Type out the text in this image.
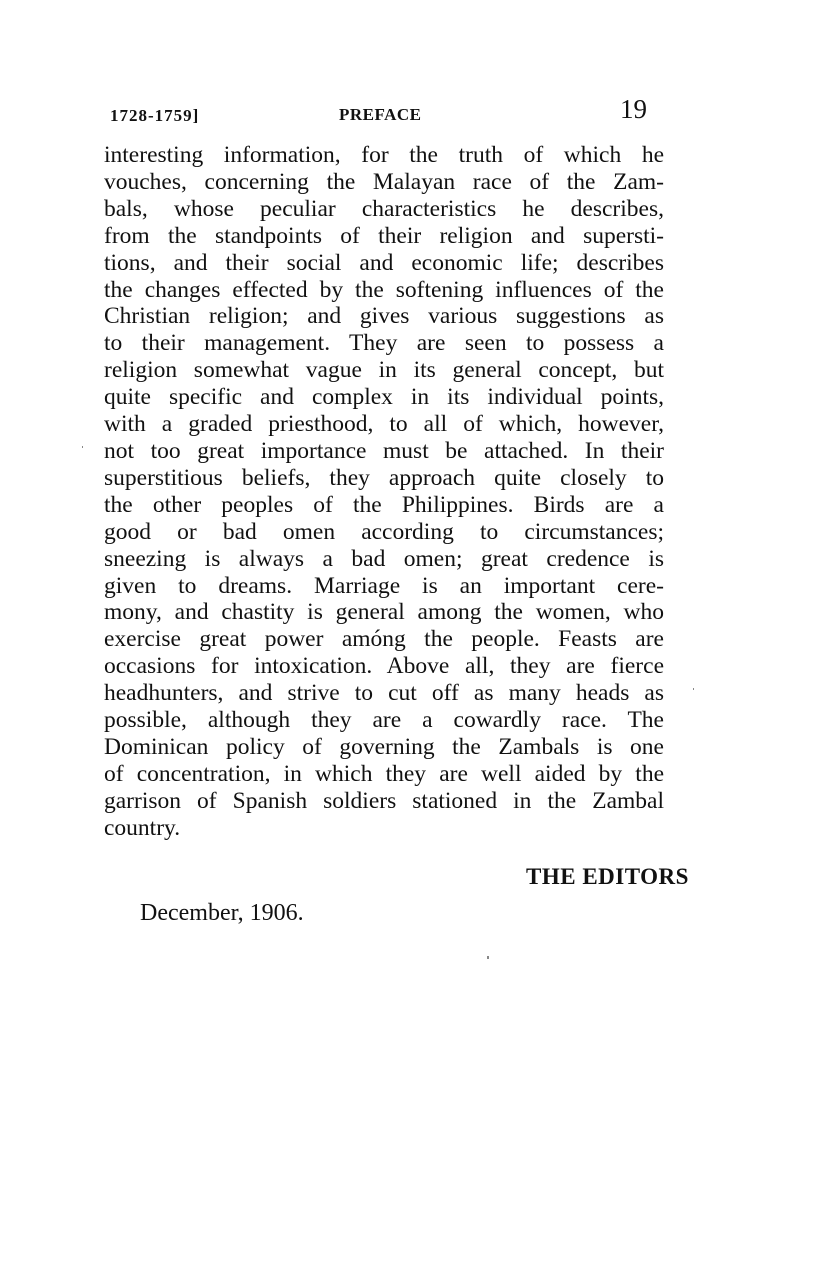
1728-1759]	PREFACE	19
interesting information, for the truth of which he
vouches, concerning the Malayan race of the Zam-
bals, whose peculiar characteristics he describes,
from the standpoints of their religion and supersti-
tions, and their social and economic life; describes
the changes effected by the softening influences of the
Christian religion; and gives various suggestions as
to their management. They are seen to possess a
religion somewhat vague in its general concept, but
quite specific and complex in its individual points,
with a graded priesthood, to all of which, however,
not too great importance must be attached. In their
superstitious beliefs, they approach quite closely to
the other peoples of the Philippines. Birds are a
good or bad omen according to circumstances;
sneezing is always a bad omen; great credence is
given to dreams. Marriage is an important cere-
mony, and chastity is general among the women, who
exercise great power amóng the people. Feasts are
occasions for intoxication. Above all, they are fierce
headhunters, and strive to cut off as many heads as
possible, although they are a cowardly race. The
Dominican policy of governing the Zambals is one
of concentration, in which they are well aided by the
garrison of Spanish soldiers stationed in the Zambal
country.
THE EDITORS
December, 1906.
